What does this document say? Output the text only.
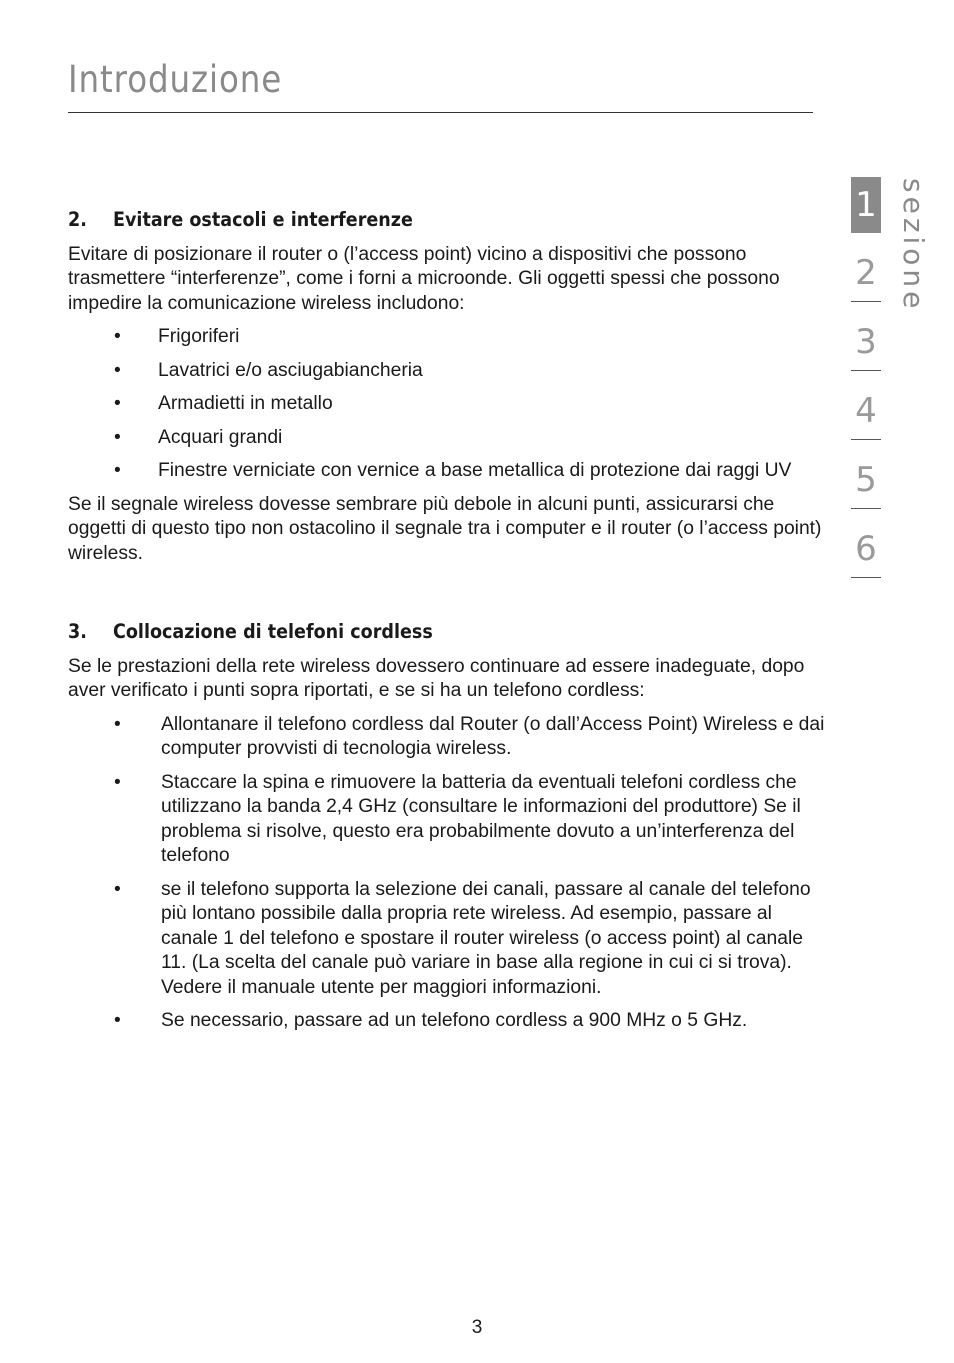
Introduzione
2.	Evitare ostacoli e interferenze

Evitare di posizionare il router o (l’access point) vicino a dispositivi che possono trasmettere “interferenze”, come i forni a microonde. Gli oggetti spessi che possono impedire la comunicazione wireless includono:

•	Frigoriferi
•	Lavatrici e/o asciugabiancheria
•	Armadietti in metallo
•	Acquari grandi
•	Finestre verniciate con vernice a base metallica di protezione dai raggi UV

Se il segnale wireless dovesse sembrare più debole in alcuni punti, assicurarsi che oggetti di questo tipo non ostacolino il segnale tra i computer e il router (o l’access point) wireless.

3.	Collocazione di telefoni cordless

Se le prestazioni della rete wireless dovessero continuare ad essere inadeguate, dopo aver verificato i punti sopra riportati, e se si ha un telefono cordless:

•	Allontanare il telefono cordless dal Router (o dall’Access Point) Wireless e dai computer provvisti di tecnologia wireless.
•	Staccare la spina e rimuovere la batteria da eventuali telefoni cordless che utilizzano la banda 2,4 GHz (consultare le informazioni del produttore) Se il problema si risolve, questo era probabilmente dovuto a un’interferenza del telefono
•	se il telefono supporta la selezione dei canali, passare al canale del telefono più lontano possibile dalla propria rete wireless. Ad esempio, passare al canale 1 del telefono e spostare il router wireless (o access point) al canale 11. (La scelta del canale può variare in base alla regione in cui ci si trova). Vedere il manuale utente per maggiori informazioni.
•	Se necessario, passare ad un telefono cordless a 900 MHz o 5 GHz.
1
2
3
4
5
6
sezione
3
